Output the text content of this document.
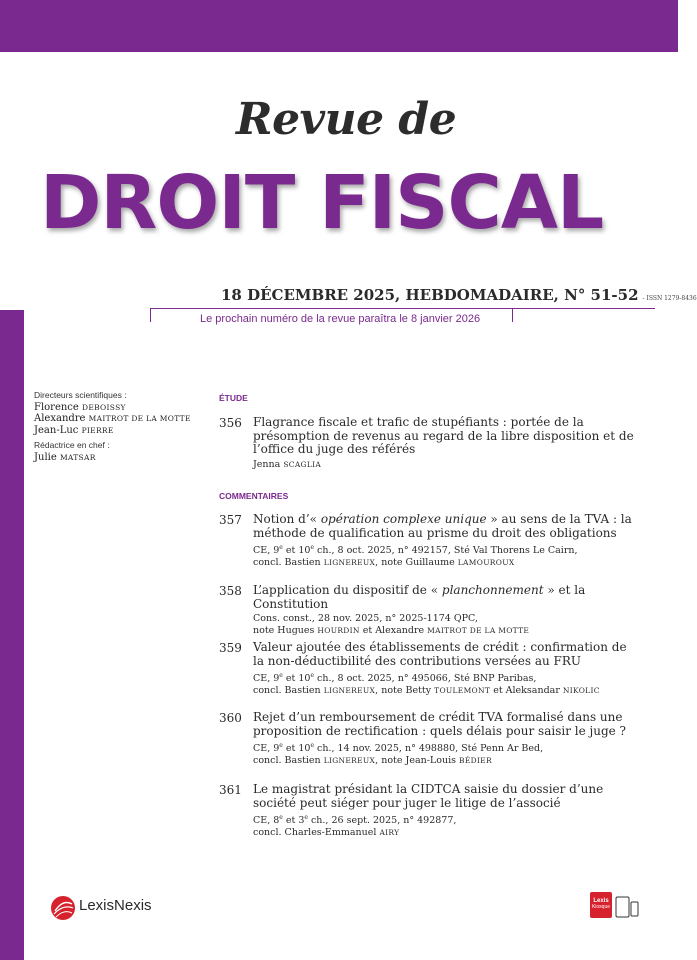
Revue de
DROIT FISCAL
18 DÉCEMBRE 2025, HEBDOMADAIRE, N° 51-52 - ISSN 1279-8436
Le prochain numéro de la revue paraîtra le 8 janvier 2026
Directeurs scientifiques :
Florence DEBOISSY
Alexandre MAITROT DE LA MOTTE
Jean-Luc PIERRE
Rédactrice en chef :
Julie MATSAR
ÉTUDE
COMMENTAIRES
356 Flagrance fiscale et trafic de stupéfiants : portée de la présomption de revenus au regard de la libre disposition et de l’office du juge des référés
Jenna SCAGLIA
357 Notion d’« opération complexe unique » au sens de la TVA : la méthode de qualification au prisme du droit des obligations
CE, 9e et 10e ch., 8 oct. 2025, n° 492157, Sté Val Thorens Le Cairn,
concl. Bastien LIGNEREUX, note Guillaume LAMOUROUX
358 L’application du dispositif de « planchonnement » et la Constitution
Cons. const., 28 nov. 2025, n° 2025-1174 QPC,
note Hugues HOURDIN et Alexandre MAITROT DE LA MOTTE
359 Valeur ajoutée des établissements de crédit : confirmation de la non-déductibilité des contributions versées au FRU
CE, 9e et 10e ch., 8 oct. 2025, n° 495066, Sté BNP Paribas,
concl. Bastien LIGNEREUX, note Betty TOULEMONT et Aleksandar NIKOLIC
360 Rejet d’un remboursement de crédit TVA formalisé dans une proposition de rectification : quels délais pour saisir le juge ?
CE, 9e et 10e ch., 14 nov. 2025, n° 498880, Sté Penn Ar Bed,
concl. Bastien LIGNEREUX, note Jean-Louis BÉDIER
361 Le magistrat présidant la CIDTCA saisie du dossier d’une société peut siéger pour juger le litige de l’associé
CE, 8e et 3e ch., 26 sept. 2025, n° 492877,
concl. Charles-Emmanuel AIRY
LexisNexis	Lexis
Kiosque
